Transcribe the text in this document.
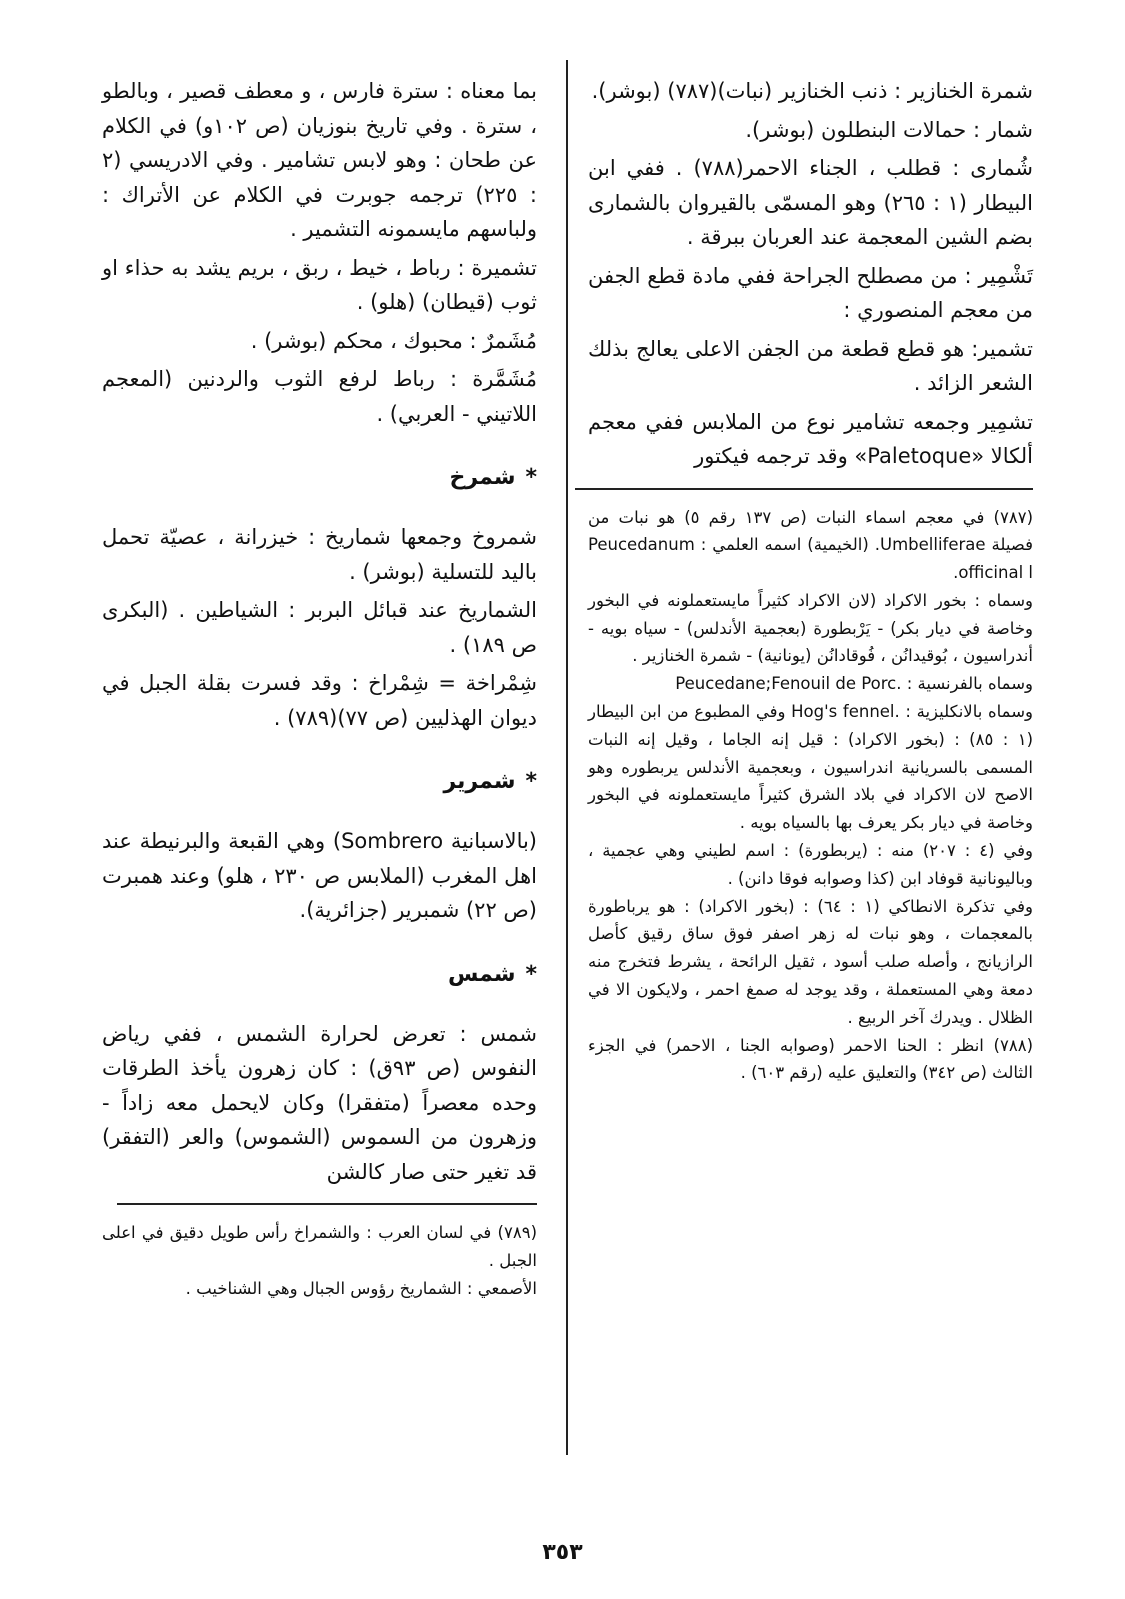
شمرة الخنازير : ذنب الخنازير (نبات)(٧٨٧) (بوشر).

شمار : حمالات البنطلون (بوشر).

شُمارى : قطلب ، الجناء الاحمر(٧٨٨) . ففي ابن البيطار (١ : ٢٦٥) وهو المسمّى بالقيروان بالشمارى بضم الشين المعجمة عند العربان ببرقة .

تَشْمِير : من مصطلح الجراحة ففي مادة قطع الجفن من معجم المنصوري :

تشمير: هو قطع قطعة من الجفن الاعلى يعالج بذلك الشعر الزائد .

تشمِير وجمعه تشامير نوع من الملابس ففي معجم ألكالا «Paletoque» وقد ترجمه فيكتور

(٧٨٧) في معجم اسماء النبات (ص ١٣٧ رقم ٥) هو نبات من فصيلة Umbelliferae. (الخيمية) اسمه العلمي : Peucedanum officinal l.

وسماه : بخور الاكراد (لان الاكراد كثيراً مايستعملونه في البخور وخاصة في ديار بكر) - يَرْبطورة (بعجمية الأندلس) - سياه بويه - أندراسيون ، بُوقيدانُن ، فُوقادانُن (يونانية) - شمرة الخنازير .

وسماه بالفرنسية : .Peucedane;Fenouil de Porc

وسماه بالانكليزية : .Hog's fennel وفي المطبوع من ابن البيطار (١ : ٨٥) : (بخور الاكراد) : قيل إنه الجاما ، وقيل إنه النبات المسمى بالسريانية اندراسيون ، وبعجمية الأندلس يربطوره وهو الاصح لان الاكراد في بلاد الشرق كثيراً مايستعملونه في البخور وخاصة في ديار بكر يعرف بها بالسياه بويه .

وفي (٤ : ٢٠٧) منه : (يربطورة) : اسم لطيني وهي عجمية ، وباليونانية قوفاد ابن (كذا وصوابه فوقا دانن) .

وفي تذكرة الانطاكي (١ : ٦٤) : (بخور الاكراد) : هو يرباطورة بالمعجمات ، وهو نبات له زهر اصفر فوق ساق رقيق كأصل الرازيانج ، وأصله صلب أسود ، ثقيل الرائحة ، يشرط فتخرج منه دمعة وهي المستعملة ، وقد يوجد له صمغ احمر ، ولايكون الا في الظلال . ويدرك آخر الربيع .

(٧٨٨) انظر : الحنا الاحمر (وصوابه الجنا ، الاحمر) في الجزء الثالث (ص ٣٤٢) والتعليق عليه (رقم ٦٠٣) .

بما معناه : سترة فارس ، و معطف قصير ، وبالطو ، سترة . وفي تاريخ بنوزيان (ص ١٠٢و) في الكلام عن طحان : وهو لابس تشامير . وفي الادريسي (٢ : ٢٢٥) ترجمه جوبرت في الكلام عن الأتراك : ولباسهم مايسمونه التشمير .

تشميرة : رباط ، خيط ، ربق ، بريم يشد به حذاء او ثوب (قيطان) (هلو) .

مُشَمرٌ : محبوك ، محكم (بوشر) .

مُشَمَّرة : رباط لرفع الثوب والردنين (المعجم اللاتيني - العربي) .

*شمرخ

شمروخ وجمعها شماريخ : خيزرانة ، عصيّة تحمل باليد للتسلية (بوشر) .

الشماريخ عند قبائل البربر : الشياطين . (البكرى ص ١٨٩) .

شِمْراخة = شِمْراخ : وقد فسرت بقلة الجبل في ديوان الهذليين (ص ٧٧)(٧٨٩) .

*شمرير

(بالاسبانية Sombrero) وهي القبعة والبرنيطة عند اهل المغرب (الملابس ص ٢٣٠ ، هلو) وعند همبرت (ص ٢٢) شمبرير (جزائرية).

*شمس

شمس : تعرض لحرارة الشمس ، ففي رياض النفوس (ص ٩٣ق) : كان زهرون يأخذ الطرقات وحده معصراً (متفقرا) وكان لايحمل معه زاداً - وزهرون من السموس (الشموس) والعر (التفقر) قد تغير حتى صار كالشن

(٧٨٩) في لسان العرب : والشمراخ رأس طويل دقيق في اعلى الجبل .

الأصمعي : الشماريخ رؤوس الجبال وهي الشناخيب .

٣٥٣
